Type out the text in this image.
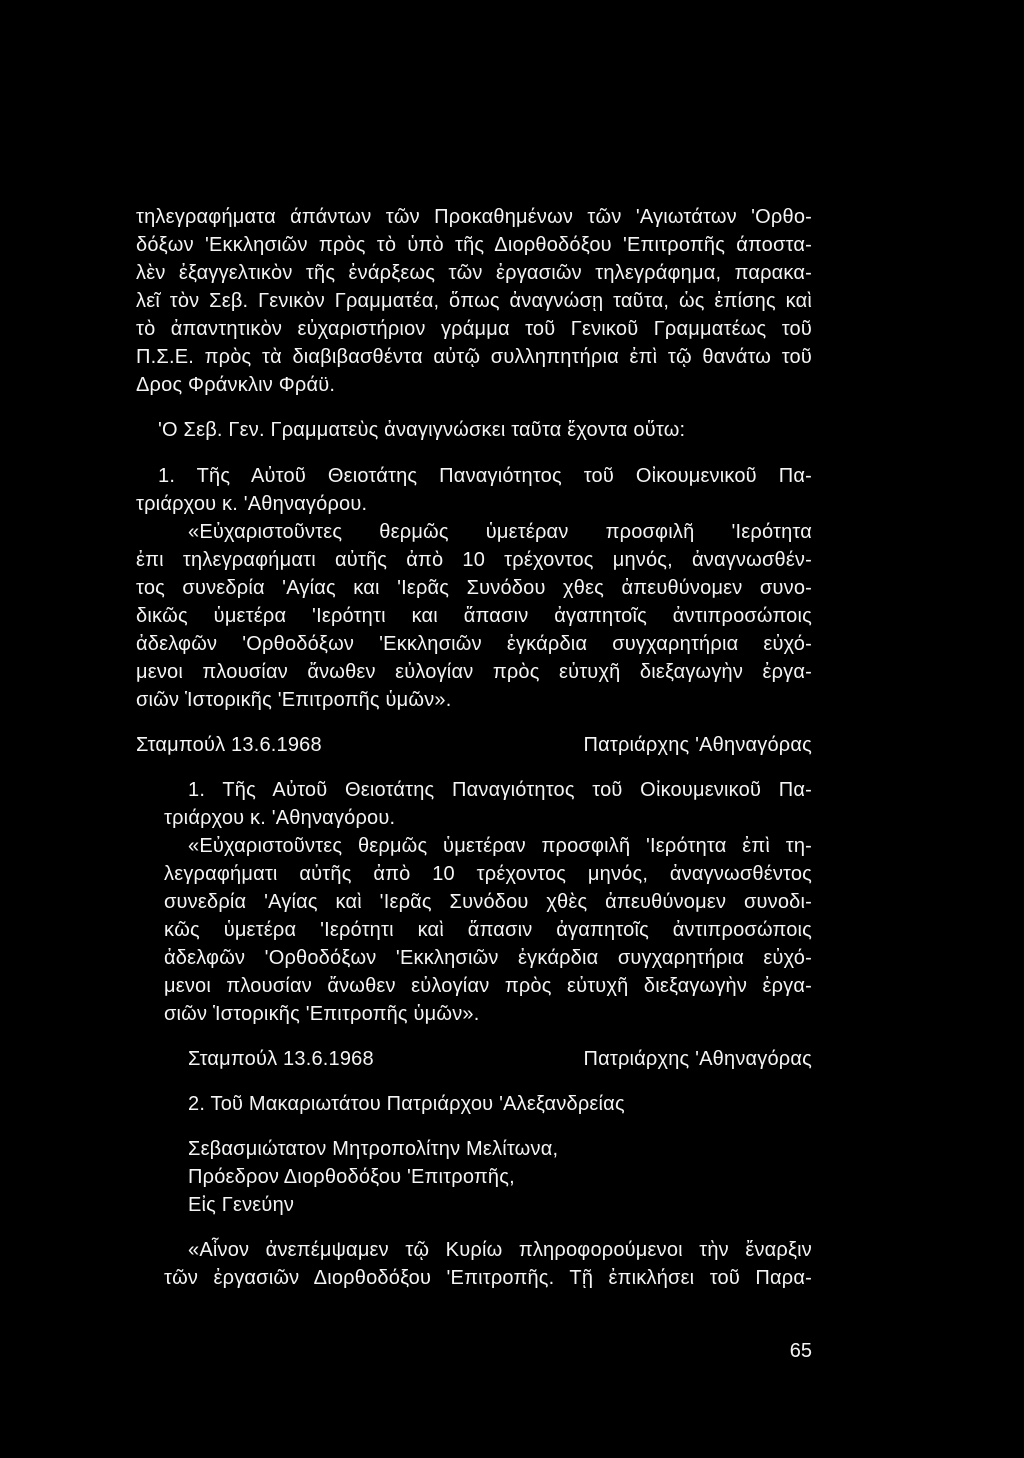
τηλεγραφήματα άπάντων τῶν Προκαθημένων τῶν 'Αγιωτάτων 'Ορθο-
δόξων 'Εκκλησιῶν πρὸς τὸ ὑπὸ τῆς Διορθοδόξου 'Επιτροπῆς άποστα-
λὲν ἐξαγγελτικὸν τῆς ἐνάρξεως τῶν ἐργασιῶν τηλεγράφημα, παρακα-
λεῖ τὸν Σεβ. Γενικὸν Γραμματέα, ὅπως ἀναγνώσῃ ταῦτα, ὡς ἐπίσης καὶ
τὸ ἀπαντητικὸν εὐχαριστήριον γράμμα τοῦ Γενικοῦ Γραμματέως τοῦ
Π.Σ.Ε. πρὸς τὰ διαβιβασθέντα αὐτῷ συλληπητήρια ἐπὶ τῷ θανάτω τοῦ
Δρος Φράνκλιν Φράϋ.
'Ο Σεβ. Γεν. Γραμματεὺς ἀναγιγνώσκει ταῦτα ἔχοντα οὕτω:
1. Τῆς Αὐτοῦ Θειοτάτης Παναγιότητος τοῦ Οἰκουμενικοῦ Πα-
τριάρχου κ. 'Αθηναγόρου.
«Εὐχαριστοῦντες θερμῶς ὑμετέραν προσφιλῆ 'Ιερότητα
ἐπι τηλεγραφήματι αὐτῆς ἀπὸ 10 τρέχοντος μηνός, ἀναγνωσθέν-
τος συνεδρία 'Αγίας και 'Ιερᾶς Συνόδου χθες ἀπευθύνομεν συνο-
δικῶς ὑμετέρα 'Ιερότητι και ἅπασιν ἀγαπητοῖς ἀντιπροσώποις
ἀδελφῶν 'Ορθοδόξων 'Εκκλησιῶν ἐγκάρδια συγχαρητήρια εὐχό-
μενοι πλουσίαν ἄνωθεν εὐλογίαν πρὸς εὐτυχῆ διεξαγωγὴν ἐργα-
σιῶν Ἱστορικῆς 'Επιτροπῆς ὑμῶν».
Σταμπούλ 13.6.1968	Πατριάρχης 'Αθηναγόρας
1. Τῆς Αὐτοῦ Θειοτάτης Παναγιότητος τοῦ Οἰκουμενικοῦ Πα-
τριάρχου κ. 'Αθηναγόρου.
«Εὐχαριστοῦντες θερμῶς ὑμετέραν προσφιλῆ 'Ιερότητα ἐπὶ τη-
λεγραφήματι αὐτῆς ἀπὸ 10 τρέχοντος μηνός, ἀναγνωσθέντος
συνεδρία 'Αγίας καὶ 'Ιερᾶς Συνόδου χθὲς ἀπευθύνομεν συνοδι-
κῶς ὑμετέρα 'Ιερότητι καὶ ἅπασιν ἀγαπητοῖς ἀντιπροσώποις
ἀδελφῶν 'Ορθοδόξων 'Εκκλησιῶν ἐγκάρδια συγχαρητήρια εὐχό-
μενοι πλουσίαν ἄνωθεν εὐλογίαν πρὸς εὐτυχῆ διεξαγωγὴν ἐργα-
σιῶν Ἱστορικῆς 'Επιτροπῆς ὑμῶν».
Σταμπούλ 13.6.1968	Πατριάρχης 'Αθηναγόρας
2. Τοῦ Μακαριωτάτου Πατριάρχου 'Αλεξανδρείας
Σεβασμιώτατον Μητροπολίτην Μελίτωνα,
Πρόεδρον Διορθοδόξου 'Επιτροπῆς,
Εἰς Γενεύην
«Αἶνον ἀνεπέμψαμεν τῷ Κυρίω πληροφορούμενοι τὴν ἔναρξιν
τῶν ἐργασιῶν Διορθοδόξου 'Επιτροπῆς. Τῇ ἐπικλήσει τοῦ Παρα-
65
